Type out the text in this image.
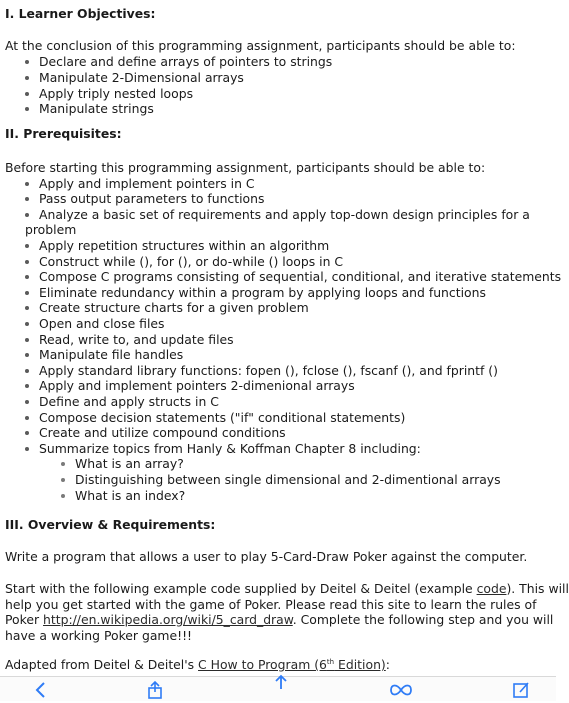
I. Learner Objectives:
At the conclusion of this programming assignment, participants should be able to:
Declare and define arrays of pointers to strings
Manipulate 2-Dimensional arrays
Apply triply nested loops
Manipulate strings
II. Prerequisites:
Before starting this programming assignment, participants should be able to:
Apply and implement pointers in C
Pass output parameters to functions
Analyze a basic set of requirements and apply top-down design principles for a
problem
Apply repetition structures within an algorithm
Construct while (), for (), or do-while () loops in C
Compose C programs consisting of sequential, conditional, and iterative statements
Eliminate redundancy within a program by applying loops and functions
Create structure charts for a given problem
Open and close files
Read, write to, and update files
Manipulate file handles
Apply standard library functions: fopen (), fclose (), fscanf (), and fprintf ()
Apply and implement pointers 2-dimenional arrays
Define and apply structs in C
Compose decision statements ("if" conditional statements)
Create and utilize compound conditions
Summarize topics from Hanly & Koffman Chapter 8 including:
What is an array?
Distinguishing between single dimensional and 2-dimentional arrays
What is an index?
III. Overview & Requirements:
Write a program that allows a user to play 5-Card-Draw Poker against the computer.
Start with the following example code supplied by Deitel & Deitel (example code). This will
help you get started with the game of Poker. Please read this site to learn the rules of
Poker http://en.wikipedia.org/wiki/5_card_draw. Complete the following step and you will
have a working Poker game!!!
Adapted from Deitel & Deitel's C How to Program (6th Edition):
